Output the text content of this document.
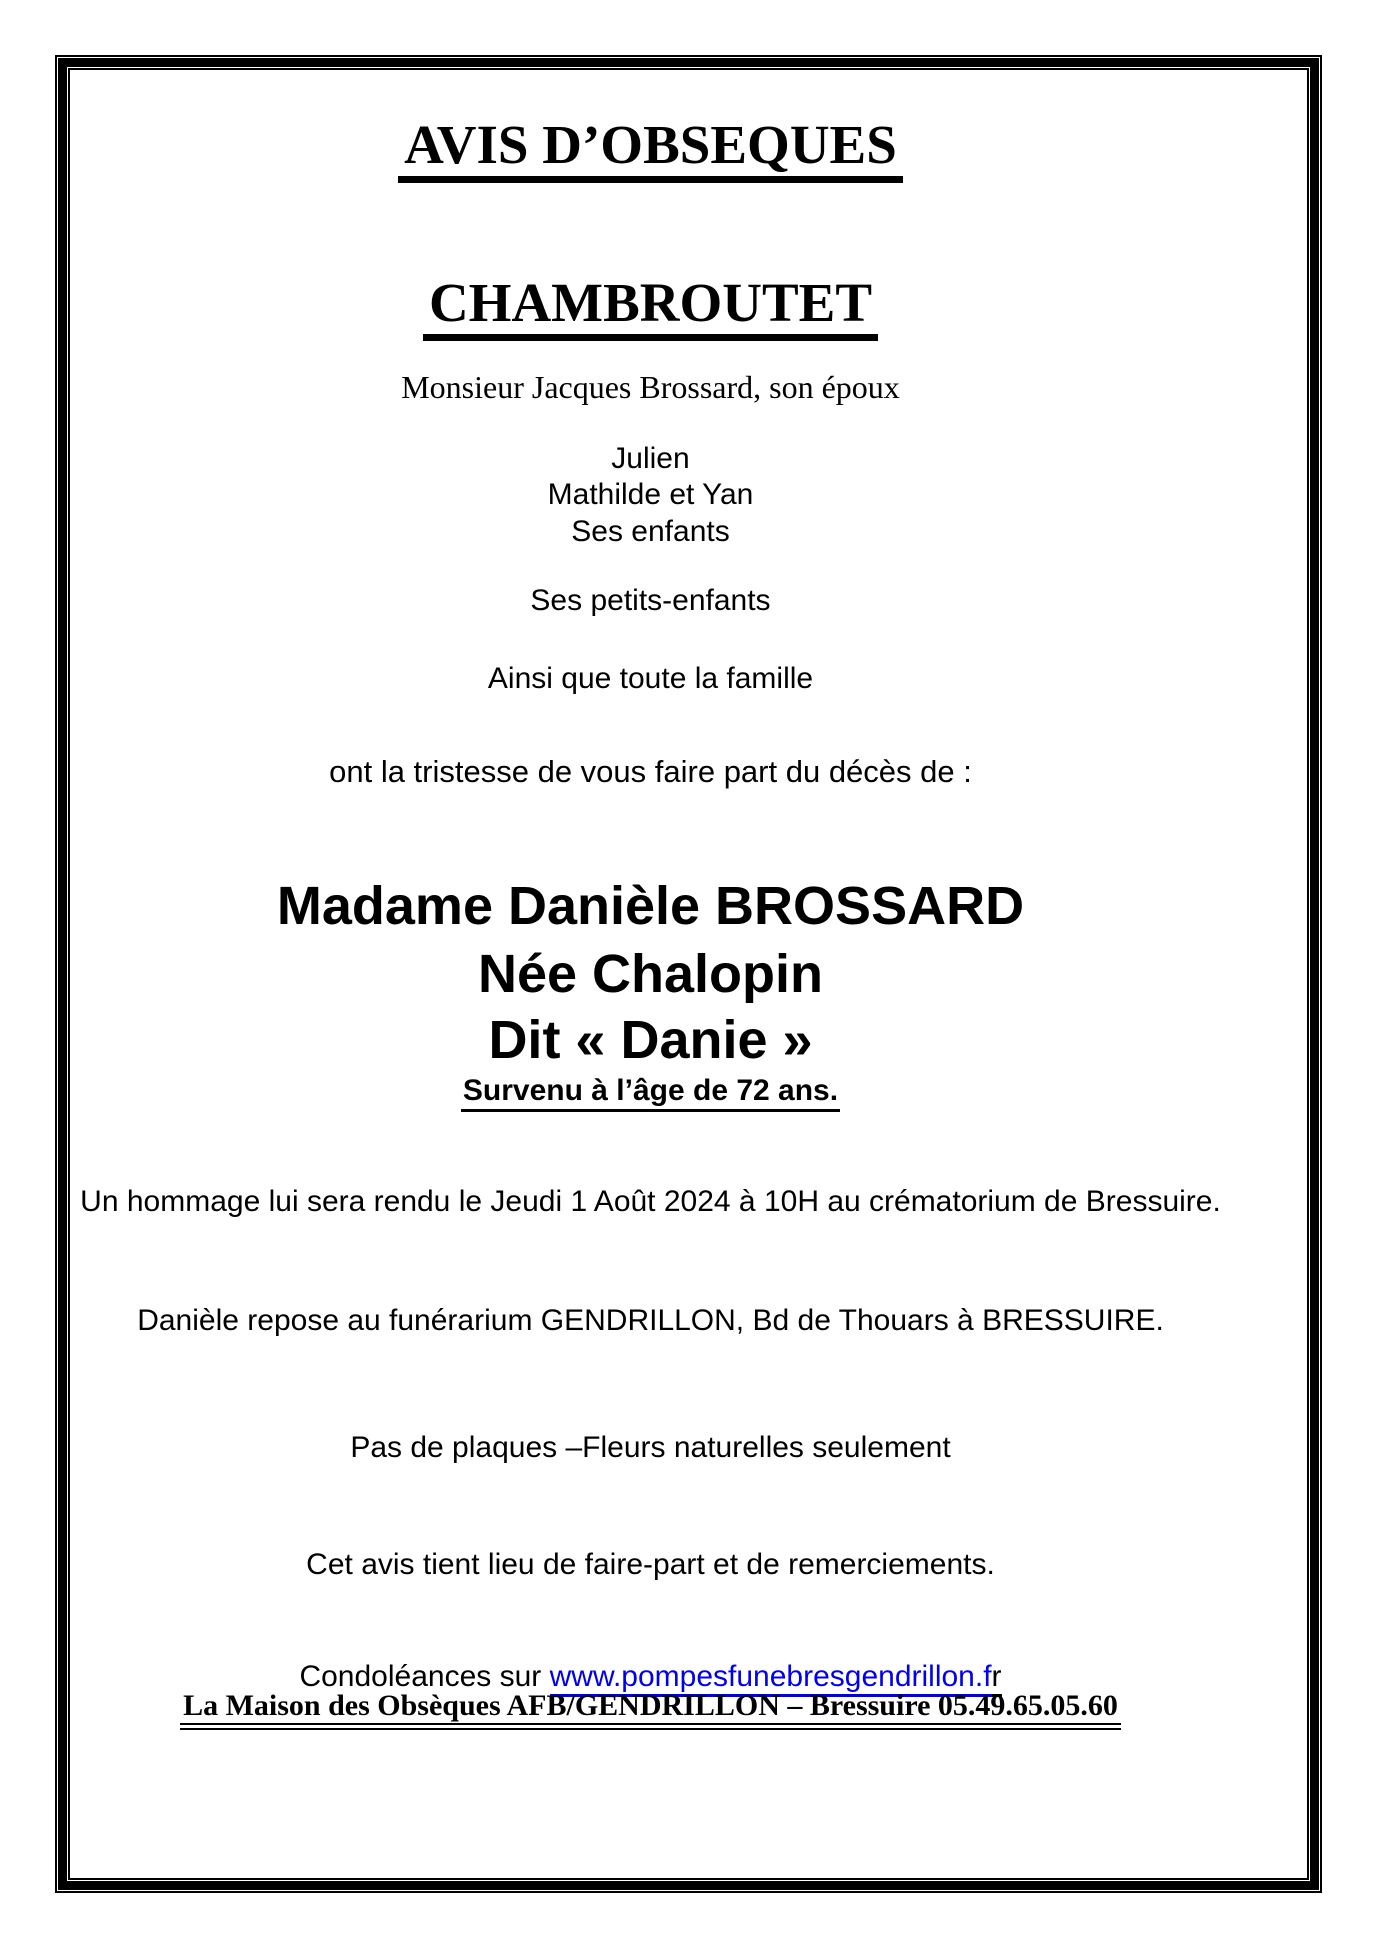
AVIS D’OBSEQUES

CHAMBROUTET

Monsieur Jacques Brossard, son époux

Julien

Mathilde et Yan

Ses enfants

Ses petits-enfants

Ainsi que toute la famille

ont la tristesse de vous faire part du décès de :

Madame Danièle BROSSARD

Née Chalopin

Dit « Danie »

Survenu à l’âge de 72 ans.

Un hommage lui sera rendu le Jeudi 1 Août 2024 à 10H au crématorium de Bressuire.

Danièle repose au funérarium GENDRILLON, Bd de Thouars à BRESSUIRE.

Pas de plaques –Fleurs naturelles seulement

Cet avis tient lieu de faire-part et de remerciements.

Condoléances sur www.pompesfunebresgendrillon.fr

La Maison des Obsèques AFB/GENDRILLON – Bressuire 05.49.65.05.60
